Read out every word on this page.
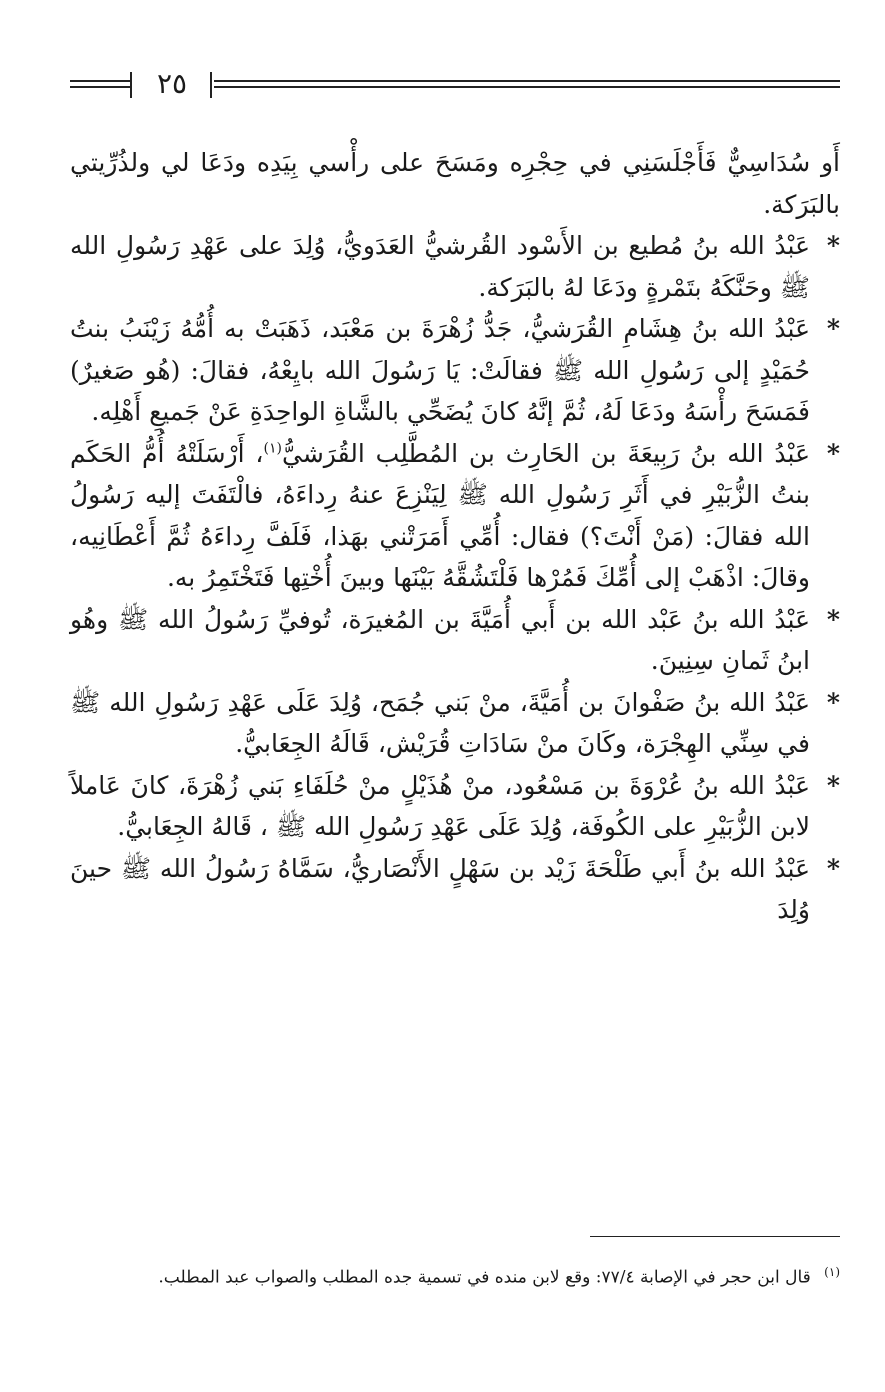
٢٥

أَو سُدَاسِيٌّ فَأَجْلَسَنِي في حِجْرِه ومَسَحَ على رأْسي بِيَدِه ودَعَا لي ولذُرِّيتي بالبَرَكة.

*
عَبْدُ الله بنُ مُطيع بن الأَسْود القُرشيُّ العَدَويُّ، وُلِدَ على عَهْدِ رَسُولِ الله ﷺ وحَنَّكَهُ بتَمْرةٍ ودَعَا لهُ بالبَرَكة.

*
عَبْدُ الله بنُ هِشَامِ القُرَشيُّ، جَدُّ زُهْرَةَ بن مَعْبَد، ذَهَبَتْ به أُمُّهُ زَيْنَبُ بنتُ حُمَيْدٍ إلى رَسُولِ الله ﷺ فقالَتْ: يَا رَسُولَ الله بايِعْهُ، فقالَ: (هُو صَغيرٌ) فَمَسَحَ رأْسَهُ ودَعَا لَهُ، ثُمَّ إنَّهُ كانَ يُضَحِّي بالشَّاةِ الواحِدَةِ عَنْ جَميعِ أَهْلِه.

*
عَبْدُ الله بنُ رَبِيعَةَ بن الحَارِث بن المُطَّلِب القُرَشيُّ$^{(١)}$، أَرْسَلَتْهُ أُمُّ الحَكَم بنتُ الزُّبَيْرِ في أَثَرِ رَسُولِ الله ﷺ لِيَنْزِعَ عنهُ رِداءَهُ، فالْتَفَتَ إليه رَسُولُ الله فقالَ: (مَنْ أَنْتَ؟) فقال: أُمِّي أَمَرَتْني بهَذا، فَلَفَّ رِداءَهُ ثُمَّ أَعْطَانِيه، وقالَ: اذْهَبْ إلى أُمِّكَ فَمُرْها فَلْتَشُقَّهُ بَيْنَها وبينَ أُخْتِها فَتَخْتَمِرُ به.

*
عَبْدُ الله بنُ عَبْد الله بن أَبي أُمَيَّةَ بن المُغيرَة، تُوفيِّ رَسُولُ الله ﷺ وهُو ابنُ ثَمانِ سِنِينَ.

*
عَبْدُ الله بنُ صَفْوانَ بن أُمَيَّةَ، منْ بَني جُمَح، وُلِدَ عَلَى عَهْدِ رَسُولِ الله ﷺ في سِنِّي الهِجْرَة، وكَانَ منْ سَادَاتِ قُرَيْش، قَالَهُ الجِعَابيُّ.

*
عَبْدُ الله بنُ عُرْوَةَ بن مَسْعُود، منْ هُذَيْلٍ منْ حُلَفَاءِ بَني زُهْرَةَ، كانَ عَاملاً لابن الزُّبَيْرِ على الكُوفَة، وُلِدَ عَلَى عَهْدِ رَسُولِ الله ﷺ ، قَالهُ الجِعَابيُّ.

*
عَبْدُ الله بنُ أَبي طَلْحَةَ زَيْد بن سَهْلٍ الأَنْصَاريُّ، سَمَّاهُ رَسُولُ الله ﷺ حينَ وُلِدَ

$^{(١)}$ قال ابن حجر في الإصابة ٧٧/٤: وقع لابن منده في تسمية جده المطلب والصواب عبد المطلب.
